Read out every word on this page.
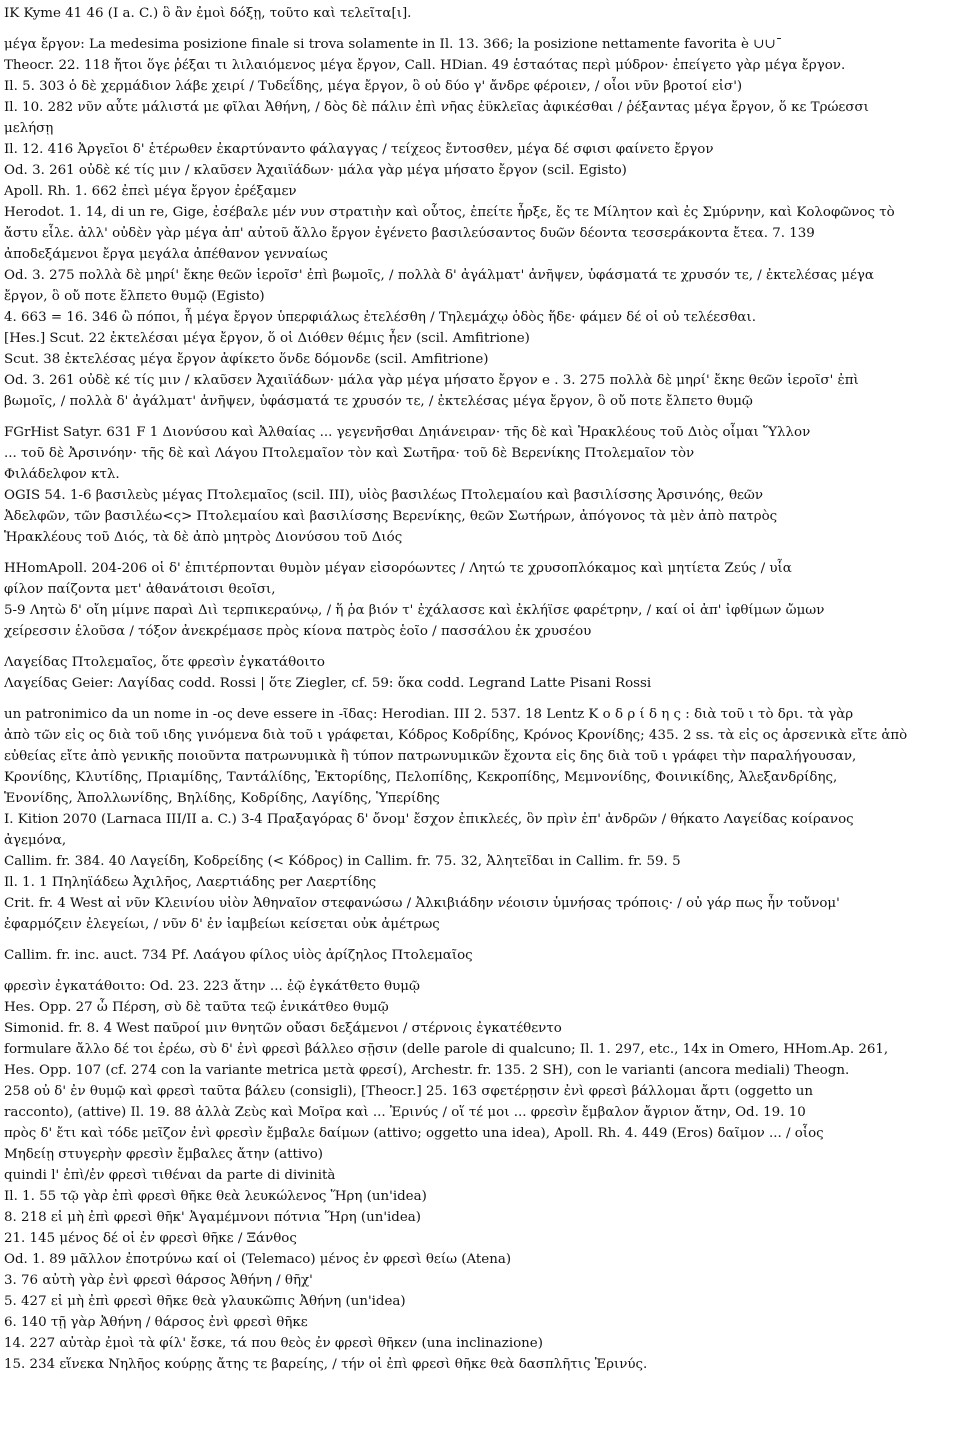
IK Kyme 41 46 (I a. C.) ὃ ἂν ἐμοὶ δόξῃ, τοῦτο καὶ τελεῖτα[ι].
μέγα ἔργον: La medesima posizione finale si trova solamente in Il. 13. 366; la posizione nettamente favorita è ∪∪¯
Theocr. 22. 118 ἤτοι ὅγε ῥέξαι τι λιλαιόμενος μέγα ἔργον, Call. HDian. 49 ἑσταότας περὶ μύδρον· ἐπείγετο γὰρ μέγα ἔργον.
Il. 5. 303 ὁ δὲ χερμάδιον λάβε χειρί / Τυδεΐδης, μέγα ἔργον, ὃ οὐ δύο γ' ἄνδρε φέροιεν, / οἷοι νῦν βροτοί εἰσ')
Il. 10. 282 νῦν αὖτε μάλιστά με φῖλαι Ἀθήνη, / δὸς δὲ πάλιν ἐπὶ νῆας ἐϋκλεῖας ἀφικέσθαι / ῥέξαντας μέγα ἔργον, ὅ κε Τρώεσσι
μελήσῃ
Il. 12. 416 Ἀργεῖοι δ' ἑτέρωθεν ἐκαρτύναντο φάλαγγας / τείχεος ἔντοσθεν, μέγα δέ σφισι φαίνετο ἔργον
Od. 3. 261 οὐδὲ κέ τίς μιν / κλαῦσεν Ἀχαιϊάδων· μάλα γὰρ μέγα μήσατο ἔργον (scil. Egisto)
Apoll. Rh. 1. 662 ἐπεὶ μέγα ἔργον ἐρέξαμεν
Herodot. 1. 14, di un re, Gige, ἐσέβαλε μέν νυν στρατιὴν καὶ οὗτος, ἐπείτε ἦρξε, ἔς τε Μίλητον καὶ ἐς Σμύρνην, καὶ Κολοφῶνος τὸ
ἄστυ εἷλε. ἀλλ' οὐδὲν γὰρ μέγα ἀπ' αὐτοῦ ἄλλο ἔργον ἐγένετο βασιλεύσαντος δυῶν δέοντα τεσσεράκοντα ἔτεα. 7. 139
ἀποδεξάμενοι ἔργα μεγάλα ἀπέθανον γενναίως
Od. 3. 275 πολλὰ δὲ μηρί' ἔκηε θεῶν ἱεροῖσ' ἐπὶ βωμοῖς, / πολλὰ δ' ἀγάλματ' ἀνῆψεν, ὑφάσματά τε χρυσόν τε, / ἐκτελέσας μέγα
ἔργον, ὃ οὔ ποτε ἔλπετο θυμῷ (Egisto)
4. 663 = 16. 346 ὢ πόποι, ἦ μέγα ἔργον ὑπερφιάλως ἐτελέσθη / Τηλεμάχῳ ὁδὸς ἥδε· φάμεν δέ οἱ οὐ τελέεσθαι.
[Hes.] Scut. 22 ἐκτελέσαι μέγα ἔργον, ὅ οἱ Διόθεν θέμις ἦεν (scil. Amfitrione)
Scut. 38 ἐκτελέσας μέγα ἔργον ἀφίκετο ὅνδε δόμονδε (scil. Amfitrione)
Od. 3. 261 οὐδὲ κέ τίς μιν / κλαῦσεν Ἀχαιϊάδων· μάλα γὰρ μέγα μήσατο ἔργον e . 3. 275 πολλὰ δὲ μηρί' ἔκηε θεῶν ἱεροῖσ' ἐπὶ
βωμοῖς, / πολλὰ δ' ἀγάλματ' ἀνῆψεν, ὑφάσματά τε χρυσόν τε, / ἐκτελέσας μέγα ἔργον, ὃ οὔ ποτε ἔλπετο θυμῷ
FGrHist Satyr. 631 F 1 Διονύσου καὶ Ἀλθαίας ... γεγενῆσθαι Δηιάνειραν· τῆς δὲ καὶ Ἡρακλέους τοῦ Διὸς οἶμαι Ὕλλον
... τοῦ δὲ Ἀρσινόην· τῆς δὲ καὶ Λάγου Πτολεμαῖον τὸν καὶ Σωτῆρα· τοῦ δὲ Βερενίκης Πτολεμαῖον τὸν
Φιλάδελφον κτλ.
OGIS 54. 1-6 βασιλεὺς μέγας Πτολεμαῖος (scil. III), υἱὸς βασιλέως Πτολεμαίου καὶ βασιλίσσης Ἀρσινόης, θεῶν
Ἀδελφῶν, τῶν βασιλέω<ς> Πτολεμαίου καὶ βασιλίσσης Βερενίκης, θεῶν Σωτήρων, ἀπόγονος τὰ μὲν ἀπὸ πατρὸς
Ἡρακλέους τοῦ Διός, τὰ δὲ ἀπὸ μητρὸς Διονύσου τοῦ Διός
HHomApoll. 204-206 οἱ δ' ἐπιτέρπονται θυμὸν μέγαν εἰσορόωντες / Λητώ τε χρυσοπλόκαμος καὶ μητίετα Ζεύς / υἷα
φίλον παίζοντα μετ' ἀθανάτοισι θεοῖσι,
5-9 Λητὼ δ' οἴη μίμνε παραὶ Διὶ τερπικεραύνῳ, / ἥ ῥα βιόν τ' ἐχάλασσε καὶ ἐκλήϊσε φαρέτρην, / καί οἱ ἀπ' ἰφθίμων ὤμων
χείρεσσιν ἑλοῦσα / τόξον ἀνεκρέμασε πρὸς κίονα πατρὸς ἑοῖο / πασσάλου ἐκ χρυσέου
Λαγείδας Πτολεμαῖος, ὅτε φρεσὶν ἐγκατάθοιτο
Λαγείδας Geier: Λαγίδας codd. Rossi | ὅτε Ziegler, cf. 59: ὅκα codd. Legrand Latte Pisani Rossi
un patronimico da un nome in -ος deve essere in -ῖδας: Herodian. III 2. 537. 18 Lentz Κ ο δ ρ ί δ η ς : διὰ τοῦ ι τὸ δρι. τὰ γὰρ
ἀπὸ τῶν εἰς ος διὰ τοῦ ιδης γινόμενα διὰ τοῦ ι γράφεται, Κόδρος Κοδρίδης, Κρόνος Κρονίδης; 435. 2 ss. τὰ εἰς ος ἀρσενικὰ εἴτε ἀπὸ
εὐθείας εἴτε ἀπὸ γενικῆς ποιοῦντα πατρωνυμικὰ ἢ τύπον πατρωνυμικῶν ἔχοντα εἰς δης διὰ τοῦ ι γράφει τὴν παραλήγουσαν,
Κρονίδης, Κλυτίδης, Πριαμίδης, Ταντάλίδης, Ἑκτορίδης, Πελοπίδης, Κεκροπίδης, Μεμνονίδης, Φοινικίδης, Ἀλεξανδρίδης,
Ἑνονίδης, Ἀπολλωνίδης, Βηλίδης, Κοδρίδης, Λαγίδης, Ὑπερίδης
I. Kition 2070 (Larnaca III/II a. C.) 3-4 Πραξαγόρας δ' ὄνομ' ἔσχον ἐπικλεές, ὃν πρὶν ἐπ' ἀνδρῶν / θήκατο Λαγείδας κοίρανος
ἀγεμόνα,
Callim. fr. 384. 40 Λαγείδη, Κοδρείδης (< Κόδρος) in Callim. fr. 75. 32, Ἀλητεῖδαι in Callim. fr. 59. 5
Il. 1. 1 Πηληϊάδεω Ἀχιλῆος, Λαερτιάδης per Λαερτίδης
Crit. fr. 4 West αἰ νῦν Κλεινίου υἱὸν Ἀθηναῖον στεφανώσω / Ἀλκιβιάδην νέοισιν ὑμνήσας τρόποις· / οὐ γάρ πως ἦν τοὔνομ'
ἐφαρμόζειν ἐλεγείωι, / νῦν δ' ἐν ἰαμβείωι κείσεται οὐκ ἀμέτρως
Callim. fr. inc. auct. 734 Pf. Λαάγου φίλος υἱὸς ἀρίζηλος Πτολεμαῖος
φρεσὶν ἐγκατάθοιτο: Od. 23. 223 ἄτην ... ἑῷ ἐγκάτθετο θυμῷ
Hes. Opp. 27 ὦ Πέρση, σὺ δὲ ταῦτα τεῷ ἐνικάτθεο θυμῷ
Simonid. fr. 8. 4 West παῦροί μιν θνητῶν οὔασι δεξάμενοι / στέρνοις ἐγκατέθεντο
formulare ἄλλο δέ τοι ἐρέω, σὺ δ' ἐνὶ φρεσὶ βάλλεο σῇσιν (delle parole di qualcuno; Il. 1. 297, etc., 14x in Omero, HHom.Ap. 261,
Hes. Opp. 107 (cf. 274 con la variante metrica μετὰ φρεσί), Archestr. fr. 135. 2 SH), con le varianti (ancora mediali) Theogn.
258 οὐ δ' ἐν θυμῷ καὶ φρεσὶ ταῦτα βάλευ (consigli), [Theocr.] 25. 163 σφετέρῃσιν ἐνὶ φρεσὶ βάλλομαι ἄρτι (oggetto un
racconto), (attive) Il. 19. 88 ἀλλὰ Ζεὺς καὶ Μοῖρα καὶ ... Ἐρινύς / οἵ τέ μοι ... φρεσὶν ἔμβαλον ἄγριον ἄτην, Od. 19. 10
πρὸς δ' ἔτι καὶ τόδε μεῖζον ἐνὶ φρεσὶν ἔμβαλε δαίμων (attivo; oggetto una idea), Apoll. Rh. 4. 449 (Eros) δαῖμον ... / οἷος
Μηδείῃ στυγερὴν φρεσὶν ἔμβαλες ἄτην (attivo)
quindi l' ἐπὶ/ἐν φρεσὶ τιθέναι da parte di divinità
Il. 1. 55 τῷ γὰρ ἐπὶ φρεσὶ θῆκε θεὰ λευκώλενος Ἥρη (un'idea)
8. 218 εἰ μὴ ἐπὶ φρεσὶ θῆκ' Ἀγαμέμνονι πότνια Ἥρη (un'idea)
21. 145 μένος δέ οἱ ἐν φρεσὶ θῆκε / Ξάνθος
Od. 1. 89 μᾶλλον ἐποτρύνω καί οἱ (Telemaco) μένος ἐν φρεσὶ θείω (Atena)
3. 76 αὐτὴ γὰρ ἐνὶ φρεσὶ θάρσος Ἀθήνη / θῆχ'
5. 427 εἰ μὴ ἐπὶ φρεσὶ θῆκε θεὰ γλαυκῶπις Ἀθήνη (un'idea)
6. 140 τῇ γὰρ Ἀθήνη / θάρσος ἐνὶ φρεσὶ θῆκε
14. 227 αὐτὰρ ἐμοὶ τὰ φίλ' ἔσκε, τά που θεὸς ἐν φρεσὶ θῆκεν (una inclinazione)
15. 234 εἵνεκα Νηλῆος κούρῃς ἄτης τε βαρείης, / τήν οἱ ἐπὶ φρεσὶ θῆκε θεὰ δασπλῆτις Ἐρινύς.
